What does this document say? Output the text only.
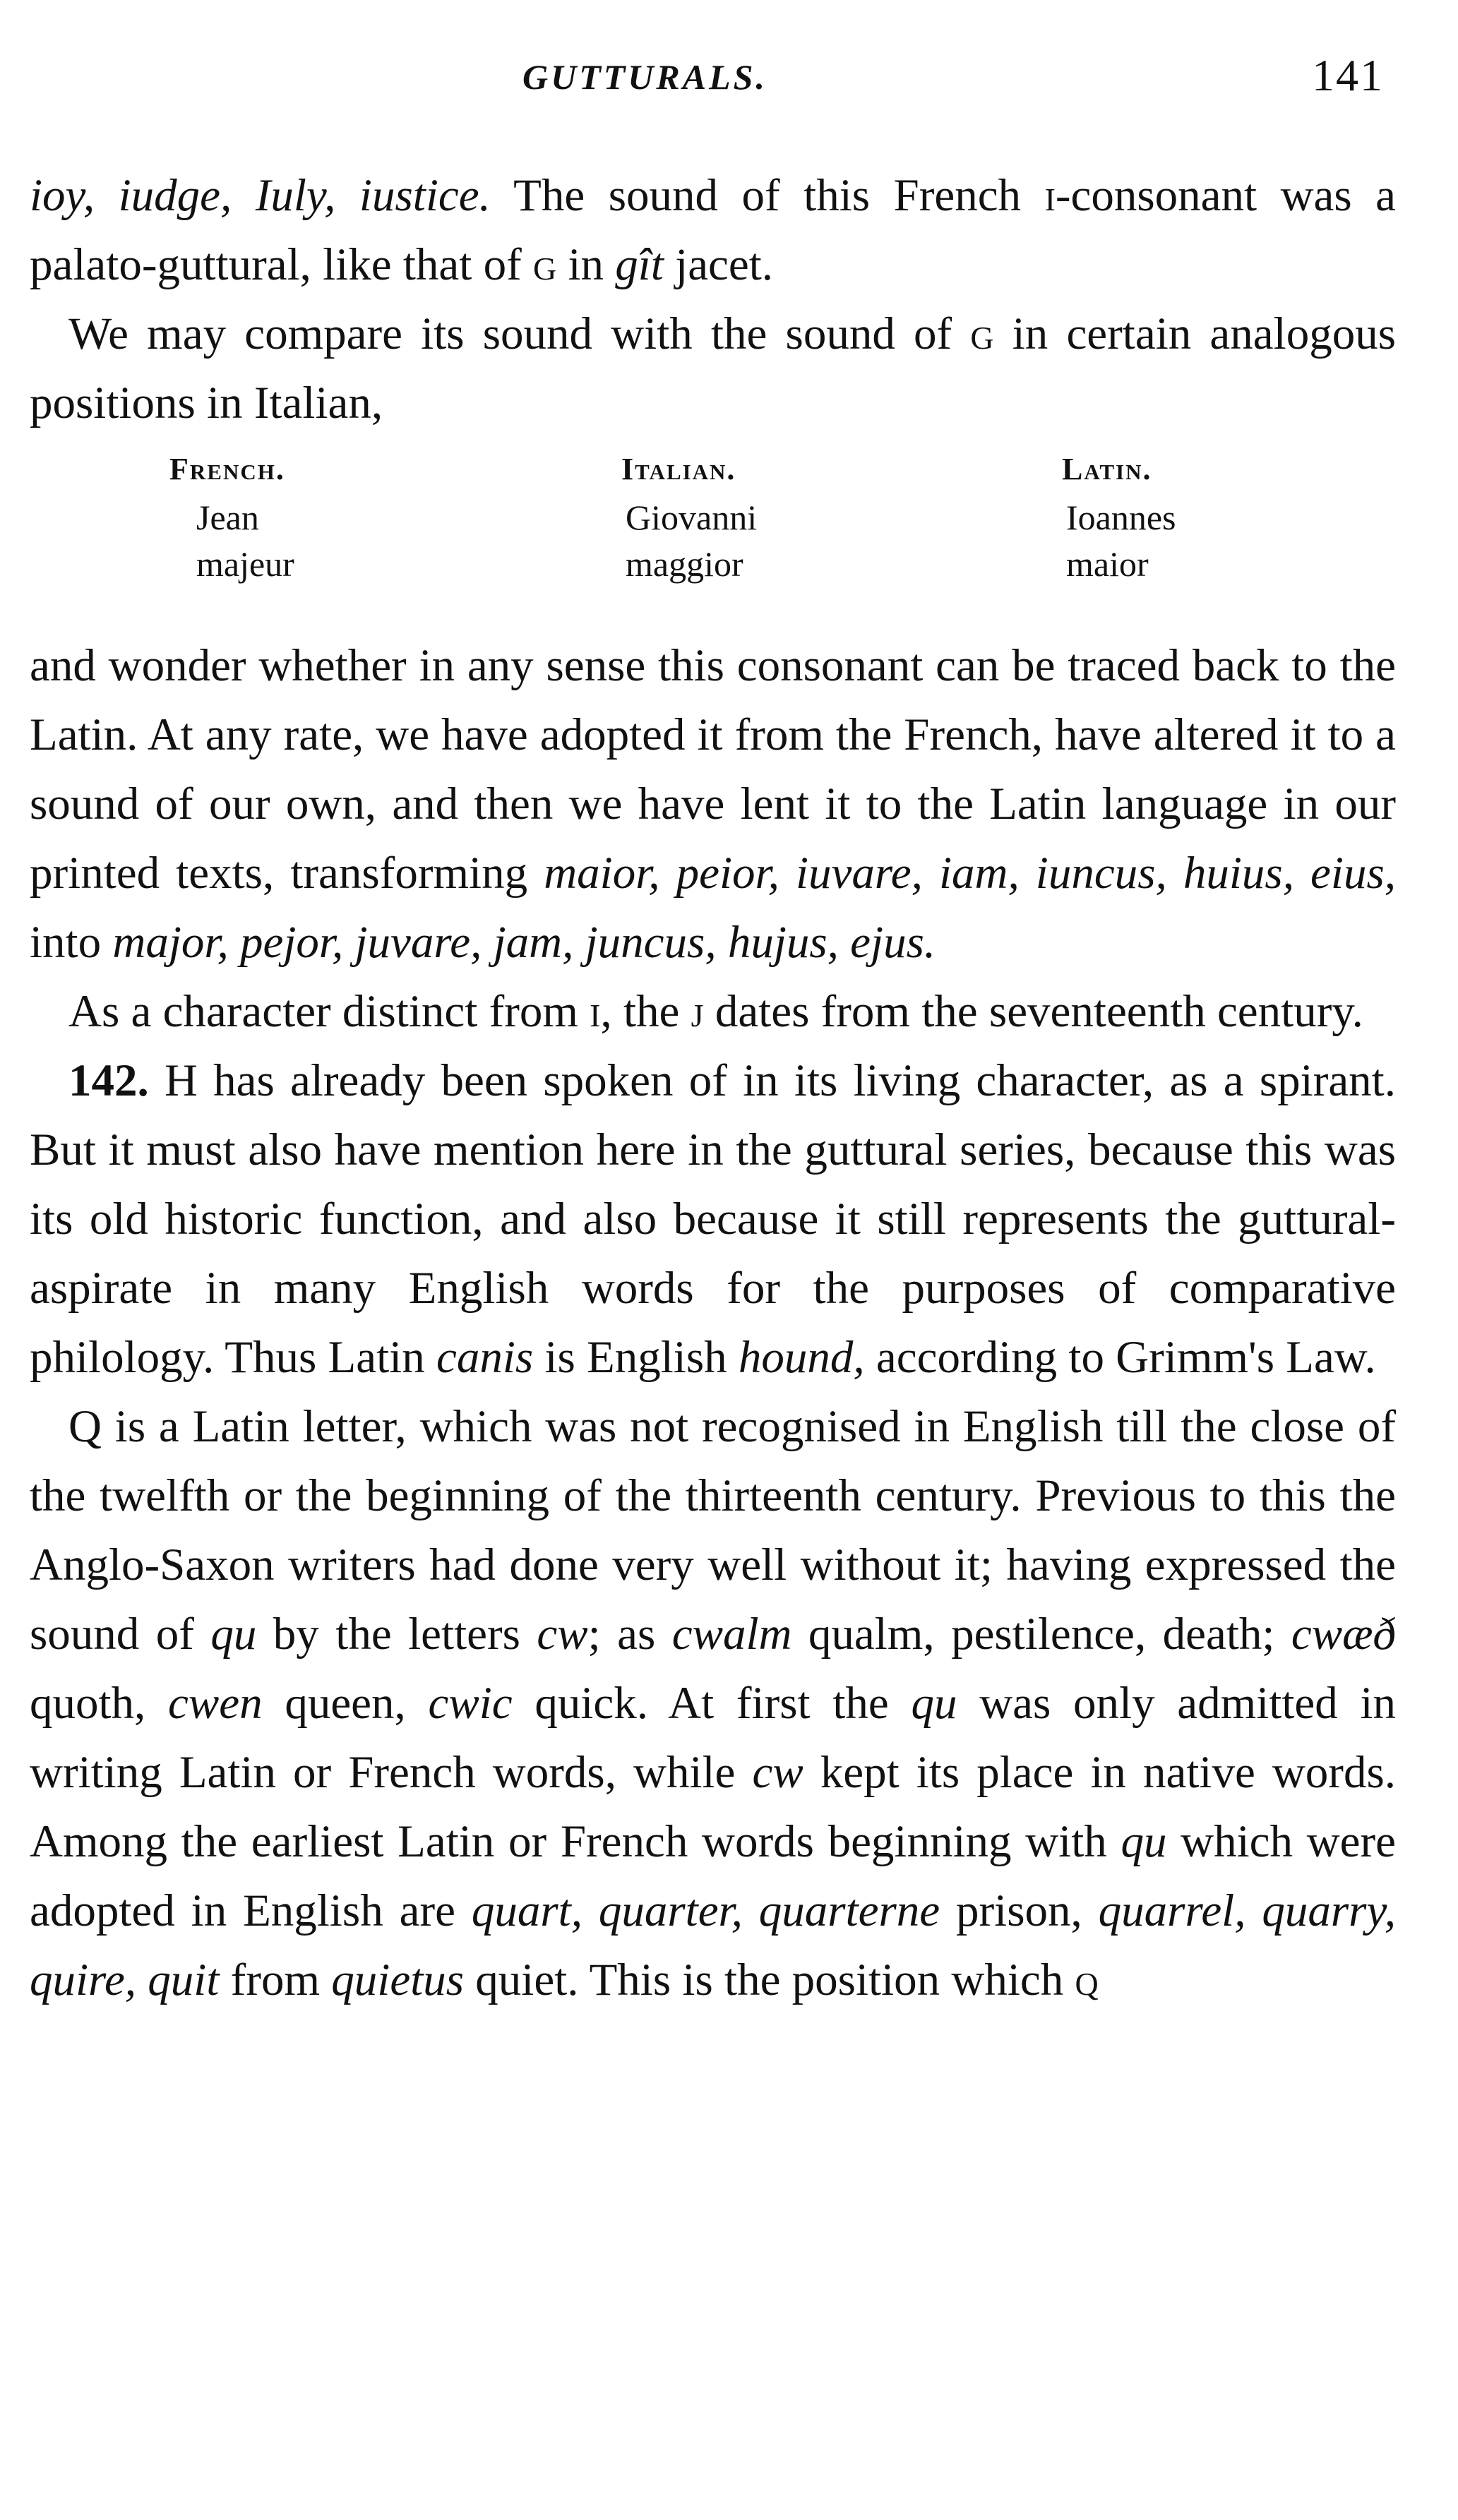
GUTTURALS.	141

ioy, iudge, Iuly, iustice. The sound of this French i-consonant was a palato-guttural, like that of g in gît jacet.

We may compare its sound with the sound of g in certain analogous positions in Italian,

French.
Jean
majeur
Italian.
Giovanni
maggior
Latin.
Ioannes
maior

and wonder whether in any sense this consonant can be traced back to the Latin. At any rate, we have adopted it from the French, have altered it to a sound of our own, and then we have lent it to the Latin language in our printed texts, transforming maior, peior, iuvare, iam, iuncus, huius, eius, into major, pejor, juvare, jam, juncus, hujus, ejus.

As a character distinct from i, the j dates from the seventeenth century.

142. H has already been spoken of in its living character, as a spirant. But it must also have mention here in the guttural series, because this was its old historic function, and also because it still represents the guttural-aspirate in many English words for the purposes of comparative philology. Thus Latin canis is English hound, according to Grimm's Law.

Q is a Latin letter, which was not recognised in English till the close of the twelfth or the beginning of the thirteenth century. Previous to this the Anglo-Saxon writers had done very well without it; having expressed the sound of qu by the letters cw; as cwalm qualm, pestilence, death; cwæð quoth, cwen queen, cwic quick. At first the qu was only admitted in writing Latin or French words, while cw kept its place in native words. Among the earliest Latin or French words beginning with qu which were adopted in English are quart, quarter, quarterne prison, quarrel, quarry, quire, quit from quietus quiet. This is the position which q
